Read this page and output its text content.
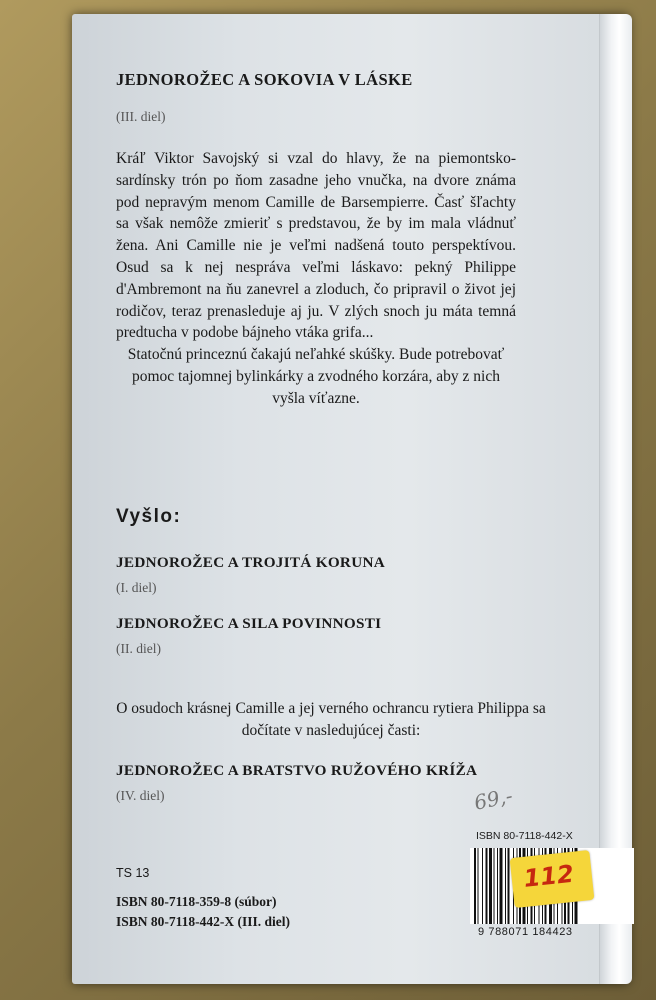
JEDNOROŽEC A SOKOVIA V LÁSKE
(III. diel)

Kráľ Viktor Savojský si vzal do hlavy, že na piemontsko-sardínsky trón po ňom zasadne jeho vnučka, na dvore známa pod nepravým menom Camille de Barsempierre. Časť šľachty sa však nemôže zmieriť s predstavou, že by im mala vládnuť žena. Ani Camille nie je veľmi nadšená touto perspektívou. Osud sa k nej nespráva veľmi láskavo: pekný Philippe d'Ambremont na ňu zanevrel a zloduch, čo pripravil o život jej rodičov, teraz prenasleduje aj ju. V zlých snoch ju máta temná predtucha v podobe bájneho vtáka grifa...

Statočnú princeznú čakajú neľahké skúšky. Bude potrebovať pomoc tajomnej bylinkárky a zvodného korzára, aby z nich vyšla víťazne.

Vyšlo:
JEDNOROŽEC A TROJITÁ KORUNA
(I. diel)
JEDNOROŽEC A SILA POVINNOSTI
(II. diel)
O osudoch krásnej Camille a jej verného ochrancu rytiera Philippa sa dočítate v nasledujúcej časti:
JEDNOROŽEC A BRATSTVO RUŽOVÉHO KRÍŽA
(IV. diel)	69,-
TS 13
ISBN 80-7118-359-8 (súbor)
ISBN 80-7118-442-X (III. diel)
ISBN 80-7118-442-X
9 788071 184423
112
